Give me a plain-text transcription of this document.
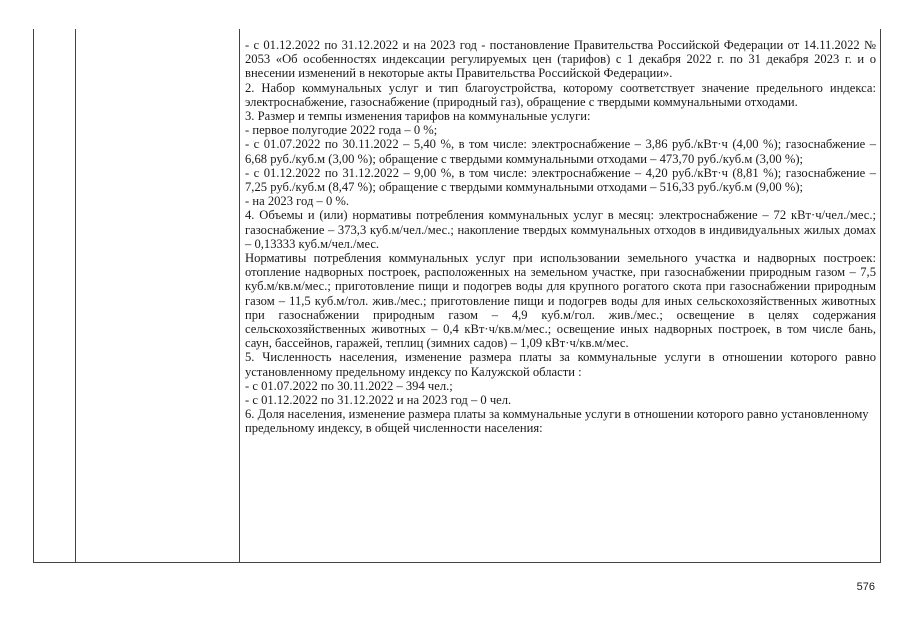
- с 01.12.2022 по 31.12.2022 и на 2023 год - постановление Правительства Российской Федерации от 14.11.2022 № 2053 «Об особенностях индексации регулируемых цен (тарифов) с 1 декабря 2022 г. по 31 декабря 2023 г. и о внесении изменений в некоторые акты Правительства Российской Федерации».

2. Набор коммунальных услуг и тип благоустройства, которому соответствует значение предельного индекса: электроснабжение, газоснабжение (природный газ), обращение с твердыми коммунальными отходами.

3. Размер и темпы изменения тарифов на коммунальные услуги:

- первое полугодие 2022 года – 0 %;

- с 01.07.2022 по 30.11.2022 – 5,40 %, в том числе: электроснабжение – 3,86 руб./кВт·ч (4,00 %); газоснабжение – 6,68 руб./куб.м (3,00 %); обращение с твердыми коммунальными отходами – 473,70 руб./куб.м (3,00 %);

- с 01.12.2022 по 31.12.2022 – 9,00 %, в том числе: электроснабжение – 4,20 руб./кВт·ч (8,81 %); газоснабжение – 7,25 руб./куб.м (8,47 %); обращение с твердыми коммунальными отходами – 516,33 руб./куб.м (9,00 %);

- на 2023 год – 0 %.

4. Объемы и (или) нормативы потребления коммунальных услуг в месяц: электроснабжение – 72 кВт·ч/чел./мес.; газоснабжение – 373,3 куб.м/чел./мес.; накопление твердых коммунальных отходов в индивидуальных жилых домах – 0,13333 куб.м/чел./мес.

Нормативы потребления коммунальных услуг при использовании земельного участка и надворных построек: отопление надворных построек, расположенных на земельном участке, при газоснабжении природным газом – 7,5 куб.м/кв.м/мес.; приготовление пищи и подогрев воды для крупного рогатого скота при газоснабжении природным газом – 11,5 куб.м/гол. жив./мес.; приготовление пищи и подогрев воды для иных сельскохозяйственных животных при газоснабжении природным газом – 4,9 куб.м/гол. жив./мес.; освещение в целях содержания сельскохозяйственных животных – 0,4 кВт·ч/кв.м/мес.; освещение иных надворных построек, в том числе бань, саун, бассейнов, гаражей, теплиц (зимних садов) – 1,09 кВт·ч/кв.м/мес.

5. Численность населения, изменение размера платы за коммунальные услуги в отношении которого равно установленному предельному индексу по Калужской области :

- с 01.07.2022 по 30.11.2022 – 394 чел.;

- с 01.12.2022 по 31.12.2022 и на 2023 год – 0 чел.

6. Доля населения, изменение размера платы за коммунальные услуги в отношении которого равно установленному предельному индексу, в общей численности населения:

576
